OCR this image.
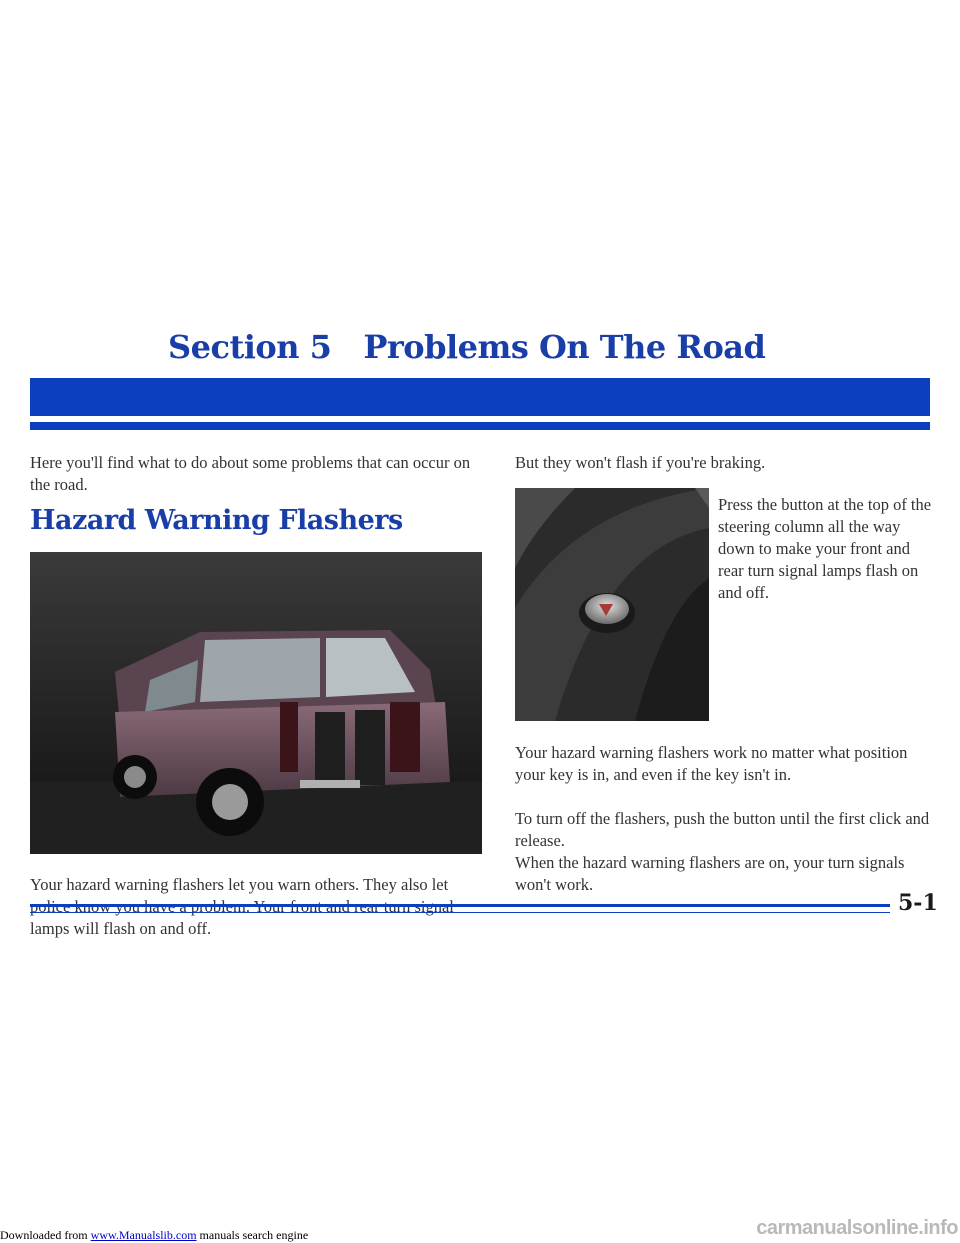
Section 5   Problems On The Road

Here you'll find what to do about some problems that can occur on the road.

Hazard Warning Flashers

Your hazard warning flashers let you warn others. They also let lamps will flash on and off.

But they won't flash if you're braking.

Press the button at the top of the steering column all the way down to make your front and rear turn signal lamps flash on and off.

Your hazard warning flashers work no matter what position your key is in, and even if the key isn't in.

To turn off the flashers, push the button until the first click and release.

When the hazard warning flashers are on, your turn signals won't work.

5-1
Downloaded from www.Manualslib.com manuals search engine	carmanualsonline.info
